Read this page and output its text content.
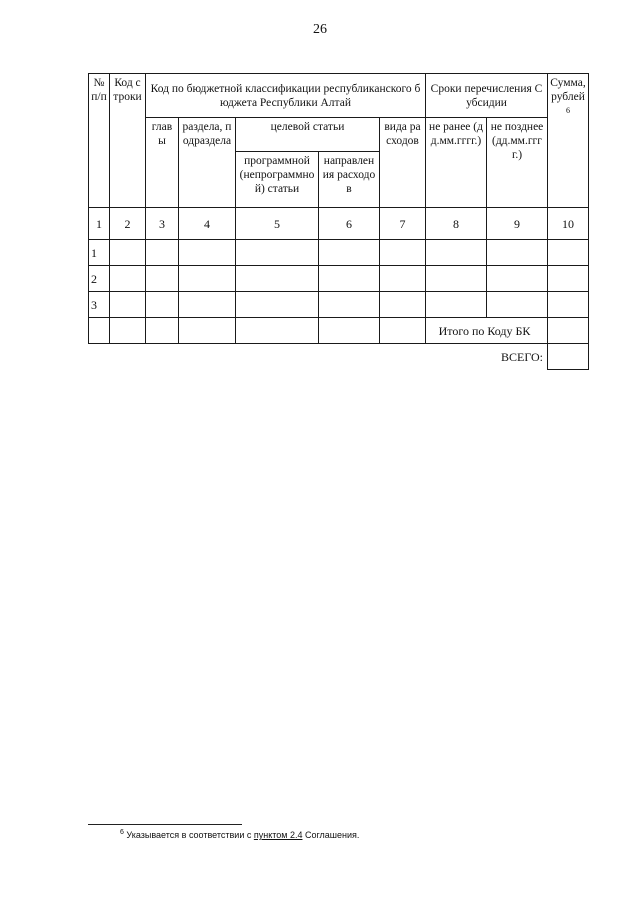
26
№ п/п	Код строки	Код по бюджетной классификации республиканского бюджета Республики Алтай					Сроки перечисления Субсидии		Сумма, рублей$^6$
		главы	раздела, подраздела	целевой статьи		вида расходов	не ранее (дд.мм.гггг.)	не позднее (дд.мм.гггг.)	
				программной (непрограммной) статьи	направления расходов				
1	2	3	4	5	6	7	8	9	10
1									
2									
3									
							Итого по Коду БК		
ВСЕГО:									
$^6$ Указывается в соответствии с пунктом 2.4 Соглашения.
